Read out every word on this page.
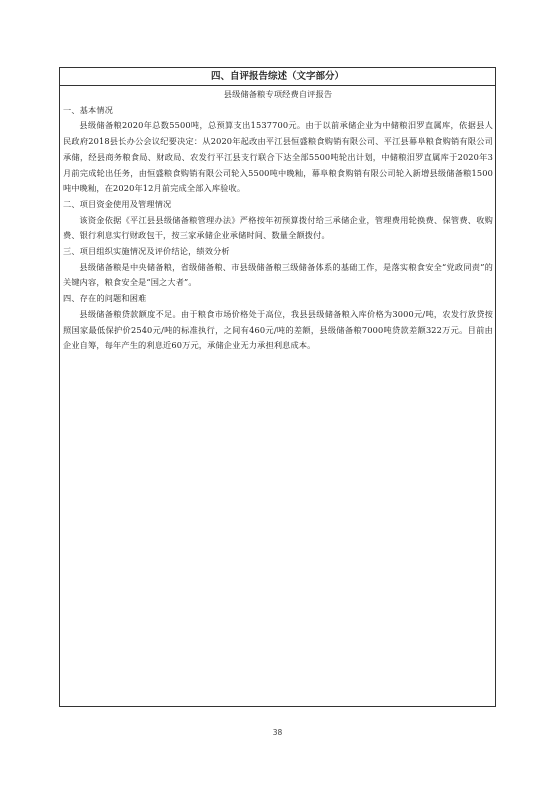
四、自评报告综述（文字部分）
县级储备粮专项经费自评报告
一、基本情况

县级储备粮2020年总数5500吨，总预算支出1537700元。由于以前承储企业为中储粮汨罗直属库，依据县人民政府2018县长办公会议纪要决定：从2020年起改由平江县恒盛粮食购销有限公司、平江县幕阜粮食购销有限公司承储，经县商务粮食局、财政局、农发行平江县支行联合下达全部5500吨轮出计划，中储粮汨罗直属库于2020年3月前完成轮出任务，由恒盛粮食购销有限公司轮入5500吨中晚籼，幕阜粮食购销有限公司轮入新增县级储备粮1500吨中晚籼，在2020年12月前完成全部入库验收。

二、项目资金使用及管理情况

该资金依据《平江县县级储备粮管理办法》严格按年初预算拨付给三承储企业，管理费用轮换费、保管费、收购费、银行利息实行财政包干，按三家承储企业承储时间、数量全额拨付。

三、项目组织实施情况及评价结论，绩效分析

县级储备粮是中央储备粮，省级储备粮、市县级储备粮三级储备体系的基础工作，是落实粮食安全“党政同责”的关键内容，粮食安全是“国之大者”。

四、存在的问题和困难

县级储备粮贷款额度不足。由于粮食市场价格处于高位，我县县级储备粮入库价格为3000元/吨，农发行放贷按照国家最低保护价2540元/吨的标准执行，之间有460元/吨的差额，县级储备粮7000吨贷款差额322万元。目前由企业自筹，每年产生的利息近60万元，承储企业无力承担利息成本。

38
